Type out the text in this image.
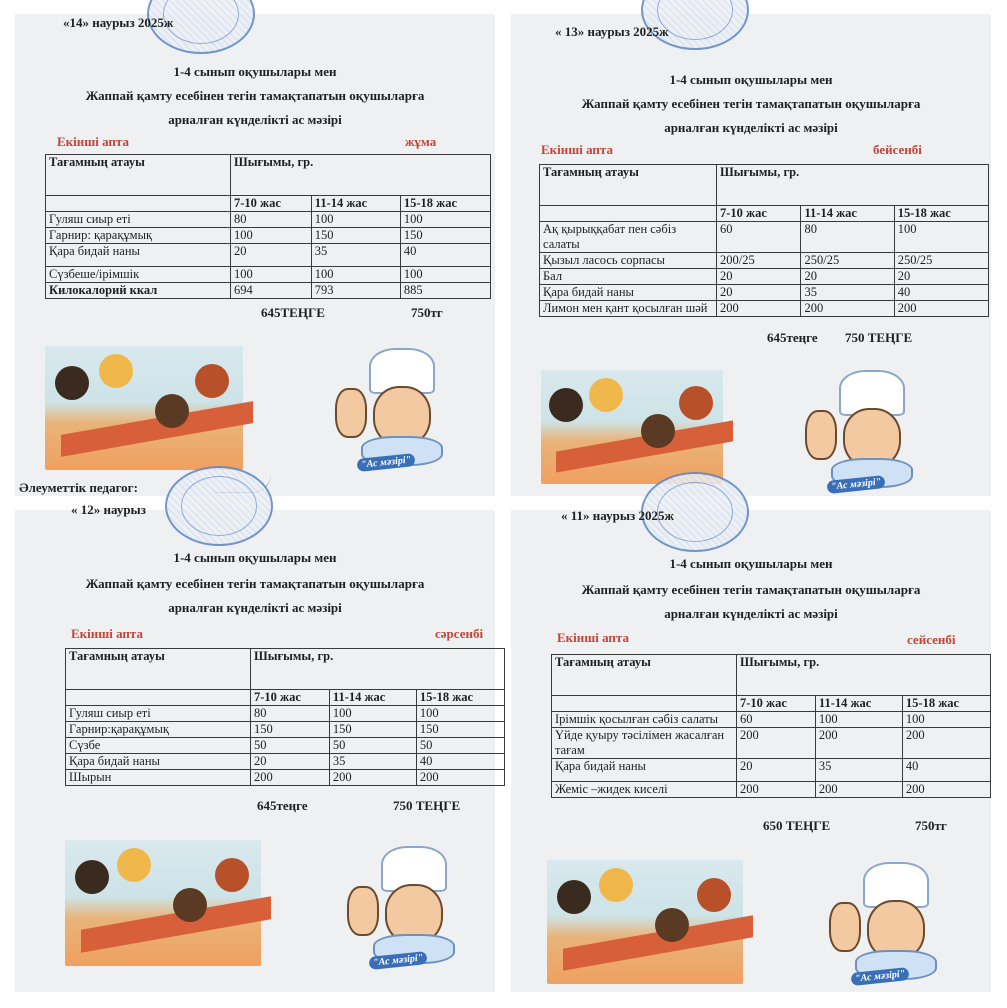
«14» наурыз 2025ж
1-4 сынып оқушылары мен
Жаппай қамту есебінен тегін тамақтапатын оқушыларға
арналған күнделікті ас мәзірі
Екінші апта	жұма
Тағамның атауы	Шығымы, гр.		
	7-10 жас	11-14 жас	15-18 жас
Гуляш сиыр еті	80	100	100
Гарнир: қарақұмық	100	150	150
Қара бидай наны	20	35	40
Сүзбеше/ірімшік	100	100	100
Килокалорий ккал	694	793	885
645ТЕҢГЕ	750тг
"Ас мәзірі"
Әлеуметтік педагог:
« 13» наурыз 2025ж
1-4 сынып оқушылары мен
Жаппай қамту есебінен тегін тамақтапатын оқушыларға
арналған күнделікті ас мәзірі
Екінші апта	бейсенбі
Тағамның атауы	Шығымы, гр.		
	7-10 жас	11-14 жас	15-18 жас
Ақ қырыққабат пен сәбіз салаты	60	80	100
Қызыл ласось сорпасы	200/25	250/25	250/25
Бал	20	20	20
Қара бидай наны	20	35	40
Лимон мен қант қосылған шәй	200	200	200
645теңге 750 ТЕҢГЕ
"Ас мәзірі"
« 12» наурыз
1-4 сынып оқушылары мен
Жаппай қамту есебінен тегін тамақтапатын оқушыларға
арналған күнделікті ас мәзірі
Екінші апта	сәрсенбі
Тағамның атауы	Шығымы, гр.		
	7-10 жас	11-14 жас	15-18 жас
Гуляш сиыр еті	80	100	100
Гарнир:қарақұмық	150	150	150
Сүзбе	50	50	50
Қара бидай наны	20	35	40
Шырын	200	200	200
645теңге	750 ТЕҢГЕ
"Ас мәзірі"
« 11» наурыз 2025ж
1-4 сынып оқушылары мен
Жаппай қамту есебінен тегін тамақтапатын оқушыларға
арналған күнделікті ас мәзірі
Екінші апта	сейсенбі
Тағамның атауы	Шығымы, гр.		
	7-10 жас	11-14 жас	15-18 жас
Ірімшік қосылған сәбіз салаты	60	100	100
Үйде қуыру тәсілімен жасалған тағам	200	200	200
Қара бидай наны	20	35	40
Жеміс –жидек киселі	200	200	200
650 ТЕҢГЕ	750тг
"Ас мәзірі"
